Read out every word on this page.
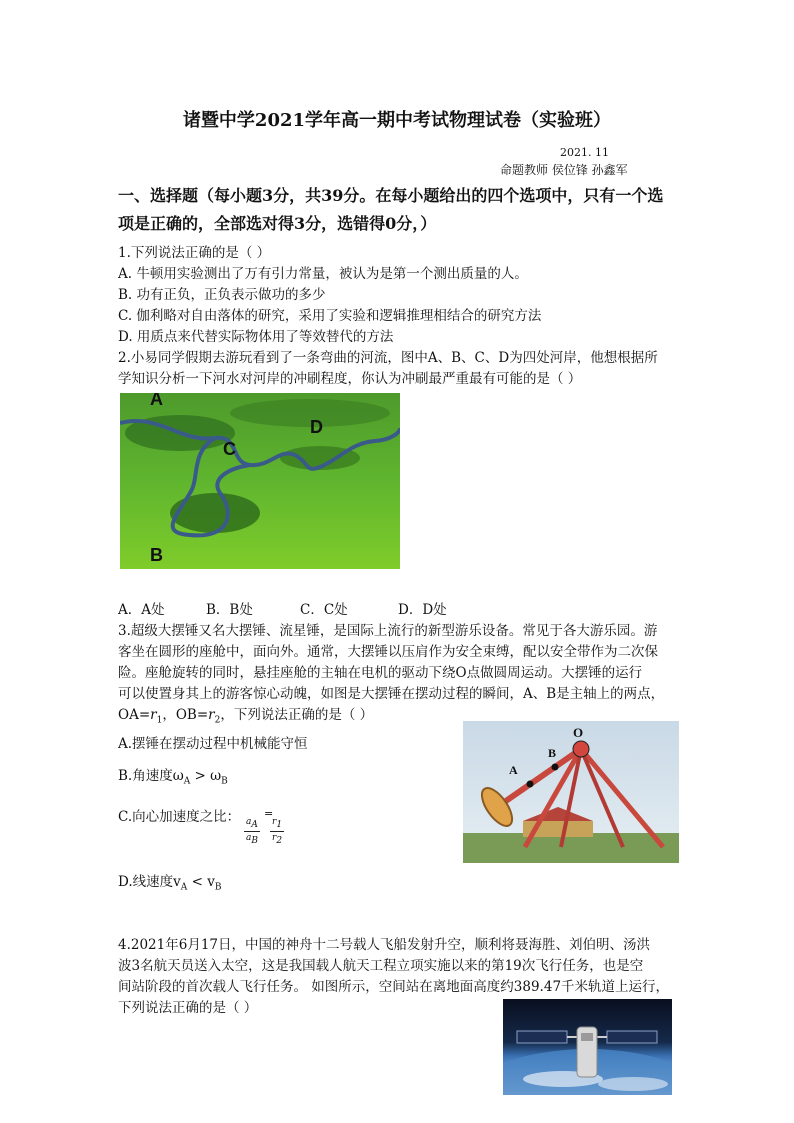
诸暨中学2021学年高一期中考试物理试卷（实验班）
2021. 11
命题教师 侯位锋 孙鑫军
一、选择题（每小题3分，共39分。在每小题给出的四个选项中，只有一个选
项是正确的，全部选对得3分，选错得0分，）
1.下列说法正确的是（ ）
A. 牛顿用实验测出了万有引力常量，被认为是第一个测出质量的人。
B. 功有正负，正负表示做功的多少
C. 伽利略对自由落体的研究，采用了实验和逻辑推理相结合的研究方法
D. 用质点来代替实际物体用了等效替代的方法
2.小易同学假期去游玩看到了一条弯曲的河流，图中A、B、C、D为四处河岸，他想根据所
学知识分析一下河水对河岸的冲刷程度，你认为冲刷最严重最有可能的是（ ）
A
C
D
B
A．A处	B．B处	C．C处	D．D处
3.超级大摆锤又名大摆锤、流星锤，是国际上流行的新型游乐设备。常见于各大游乐园。游
客坐在圆形的座舱中，面向外。通常，大摆锤以压肩作为安全束缚，配以安全带作为二次保
险。座舱旋转的同时，悬挂座舱的主轴在电机的驱动下绕O点做圆周运动。大摆锤的运行
可以使置身其上的游客惊心动魄，如图是大摆锤在摆动过程的瞬间，A、B是主轴上的两点，
$OA=r_1$，$OB=r_2$，下列说法正确的是（ ）
A.摆锤在摆动过程中机械能守恒
B.角速度$\omega_A > \omega_B$
C.向心加速度之比： $\frac{a_A}{a_B}$
=
$\frac{r_1}{r_2}$
D.线速度$v_A < v_B$
O
B
A
4.2021年6月17日，中国的神舟十二号载人飞船发射升空，顺利将聂海胜、刘伯明、汤洪
波3名航天员送入太空，这是我国载人航天工程立项实施以来的第19次飞行任务，也是空
间站阶段的首次载人飞行任务。 如图所示，空间站在离地面高度约389.47千米轨道上运行，
下列说法正确的是（ ）
